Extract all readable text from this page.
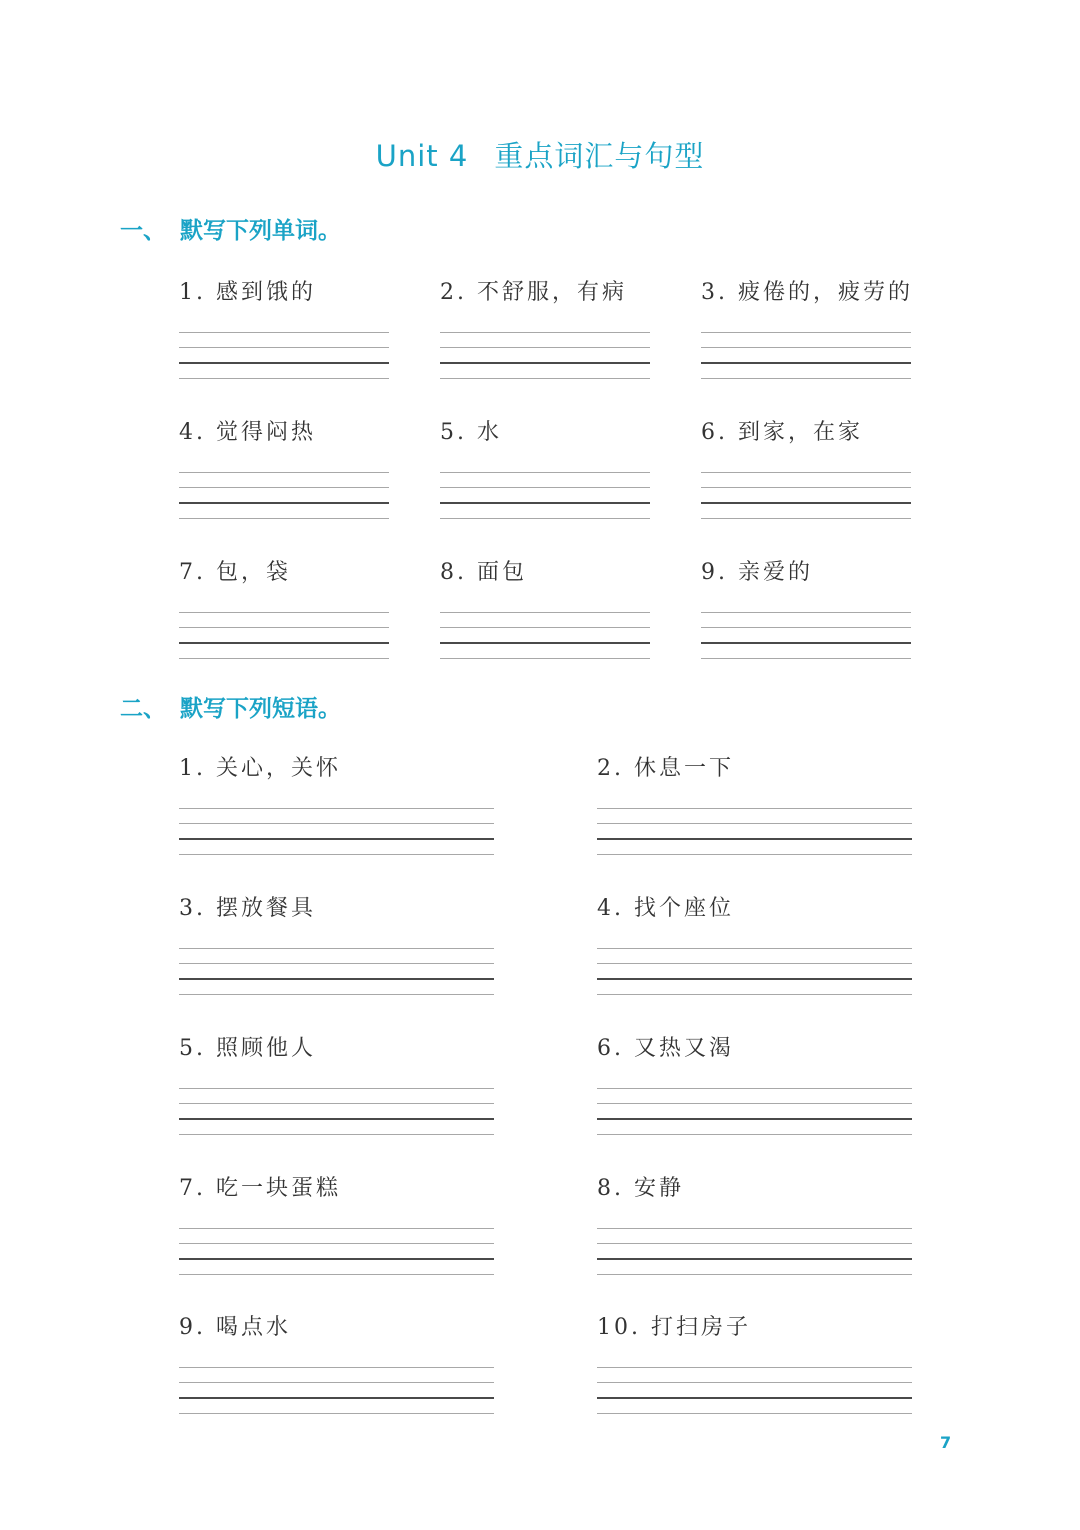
Unit 4 重点词汇与句型
一、 默写下列单词。
1. 感到饿的	2. 不舒服，有病	3. 疲倦的，疲劳的
4. 觉得闷热	5. 水	6. 到家，在家
7. 包，袋	8. 面包	9. 亲爱的
二、 默写下列短语。
1. 关心，关怀	2. 休息一下
3. 摆放餐具	4. 找个座位
5. 照顾他人	6. 又热又渴
7. 吃一块蛋糕	8. 安静
9. 喝点水	10. 打扫房子
7
